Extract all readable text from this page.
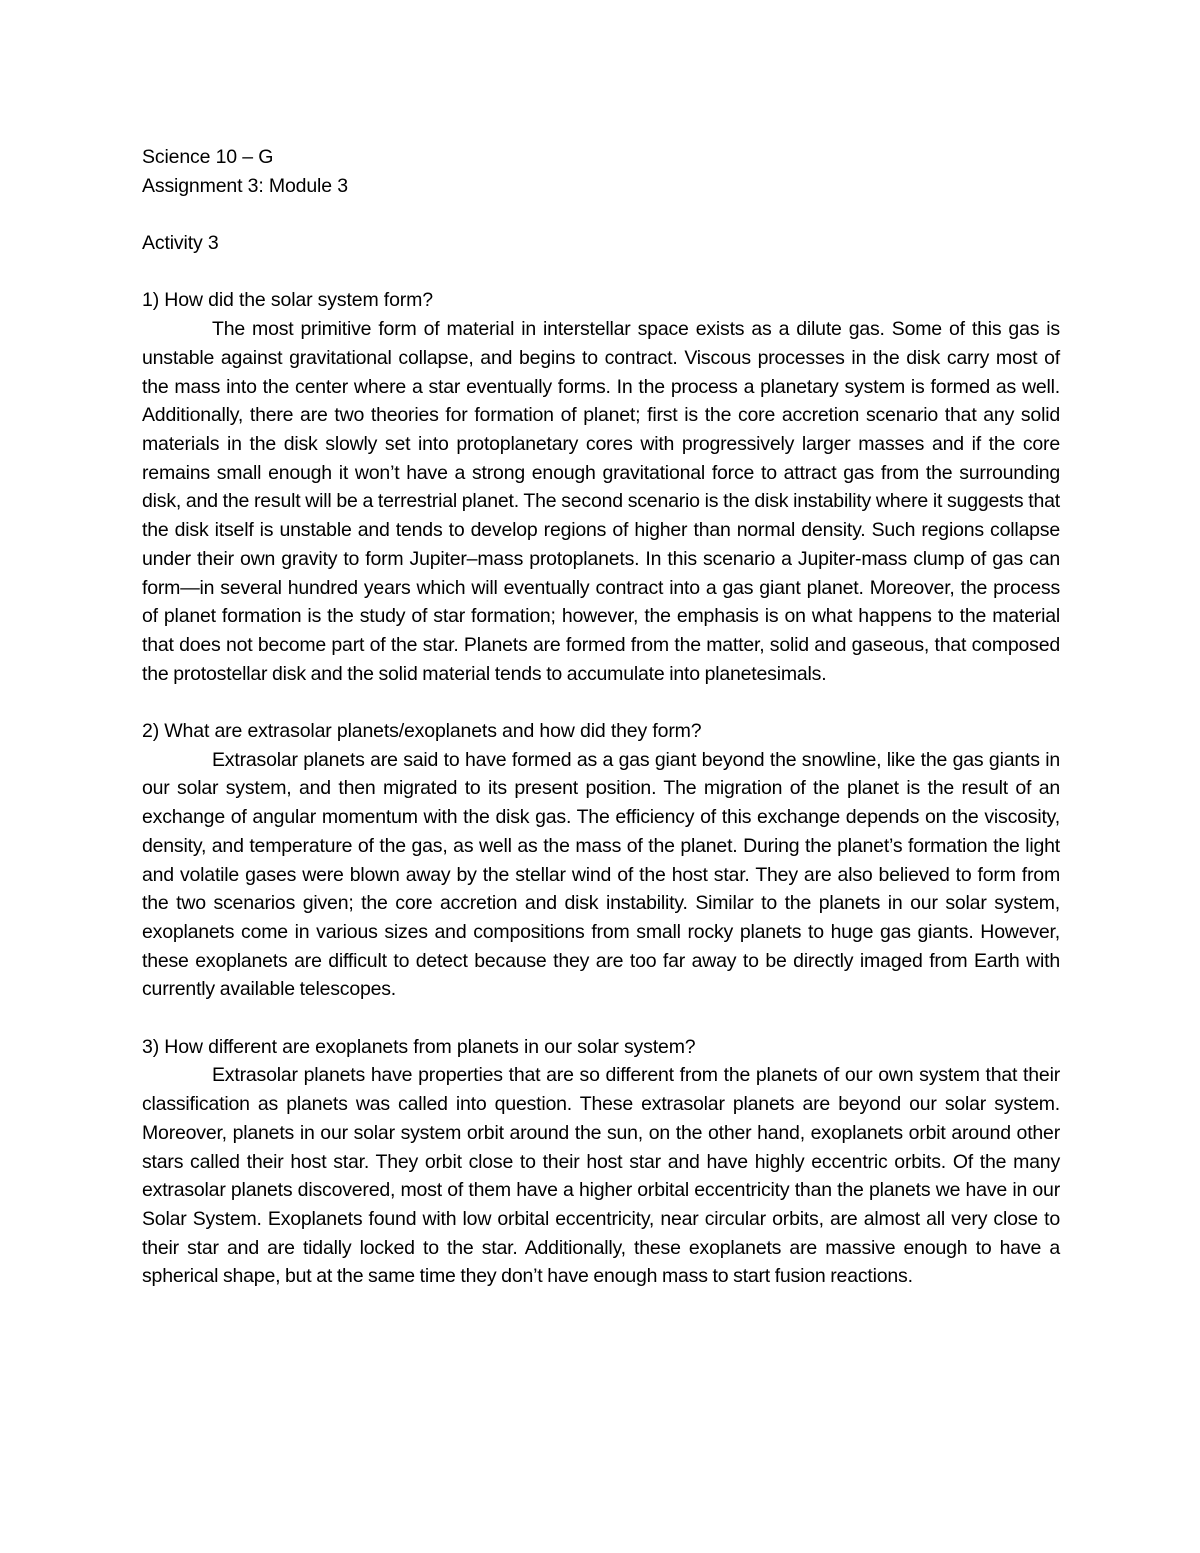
Science 10 – G
Assignment 3: Module 3
Activity 3
1) How did the solar system form?

The most primitive form of material in interstellar space exists as a dilute gas. Some of this gas is unstable against gravitational collapse, and begins to contract. Viscous processes in the disk carry most of the mass into the center where a star eventually forms. In the process a planetary system is formed as well. Additionally, there are two theories for formation of planet; first is the core accretion scenario that any solid materials in the disk slowly set into protoplanetary cores with progressively larger masses and if the core remains small enough it won’t have a strong enough gravitational force to attract gas from the surrounding disk, and the result will be a terrestrial planet. The second scenario is the disk instability where it suggests that the disk itself is unstable and tends to develop regions of higher than normal density. Such regions collapse under their own gravity to form Jupiter–mass protoplanets. In this scenario a Jupiter-mass clump of gas can form—in several hundred years which will eventually contract into a gas giant planet. Moreover, the process of planet formation is the study of star formation; however, the emphasis is on what happens to the material that does not become part of the star. Planets are formed from the matter, solid and gaseous, that composed the protostellar disk and the solid material tends to accumulate into planetesimals.

2) What are extrasolar planets/exoplanets and how did they form?

Extrasolar planets are said to have formed as a gas giant beyond the snowline, like the gas giants in our solar system, and then migrated to its present position. The migration of the planet is the result of an exchange of angular momentum with the disk gas. The efficiency of this exchange depends on the viscosity, density, and temperature of the gas, as well as the mass of the planet. During the planet’s formation the light and volatile gases were blown away by the stellar wind of the host star. They are also believed to form from the two scenarios given; the core accretion and disk instability. Similar to the planets in our solar system, exoplanets come in various sizes and compositions from small rocky planets to huge gas giants. However, these exoplanets are difficult to detect because they are too far away to be directly imaged from Earth with currently available telescopes.

3) How different are exoplanets from planets in our solar system?

Extrasolar planets have properties that are so different from the planets of our own system that their classification as planets was called into question. These extrasolar planets are beyond our solar system. Moreover, planets in our solar system orbit around the sun, on the other hand, exoplanets orbit around other stars called their host star. They orbit close to their host star and have highly eccentric orbits. Of the many extrasolar planets discovered, most of them have a higher orbital eccentricity than the planets we have in our Solar System. Exoplanets found with low orbital eccentricity, near circular orbits, are almost all very close to their star and are tidally locked to the star. Additionally, these exoplanets are massive enough to have a spherical shape, but at the same time they don’t have enough mass to start fusion reactions.
